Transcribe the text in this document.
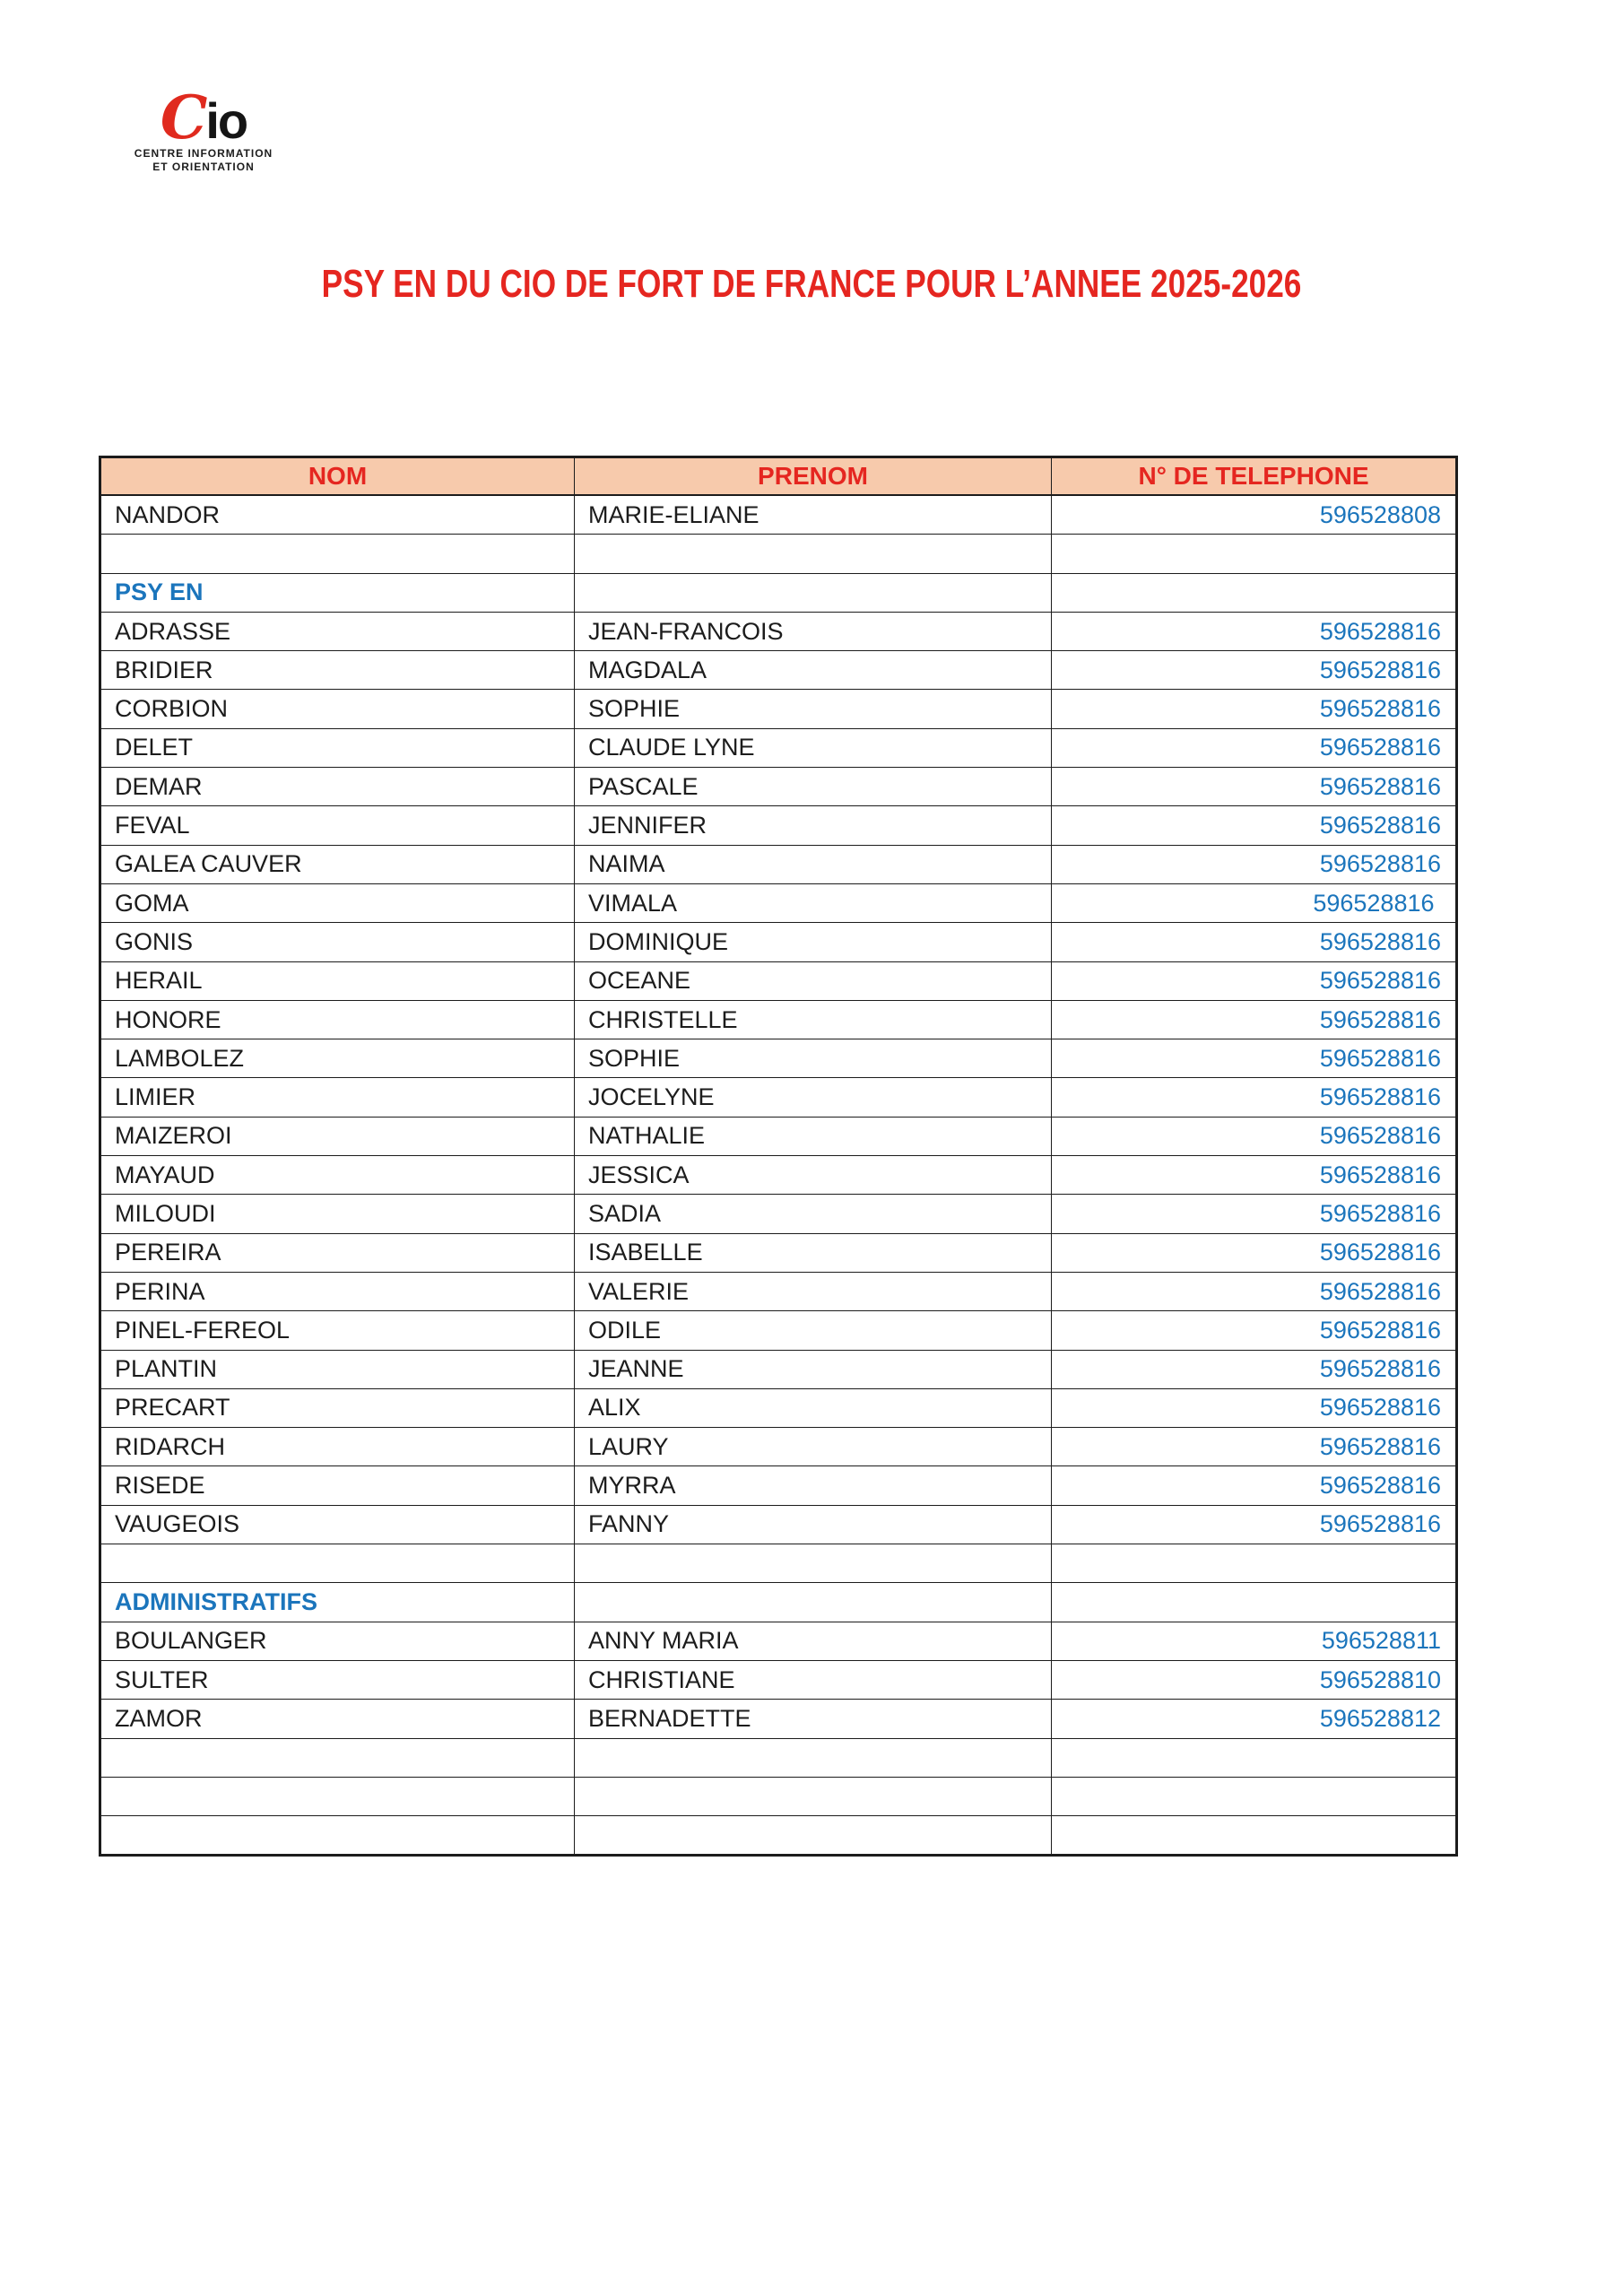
Cio
CENTRE INFORMATION
ET ORIENTATION
PSY EN DU CIO DE FORT DE FRANCE POUR L’ANNEE 2025-2026
NOM	PRENOM	N° DE TELEPHONE
NANDOR	MARIE-ELIANE	596528808

PSY EN		
ADRASSE	JEAN-FRANCOIS	596528816
BRIDIER	MAGDALA	596528816
CORBION	SOPHIE	596528816
DELET	CLAUDE LYNE	596528816
DEMAR	PASCALE	596528816
FEVAL	JENNIFER	596528816
GALEA CAUVER	NAIMA	596528816
GOMA	VIMALA	596528816
GONIS	DOMINIQUE	596528816
HERAIL	OCEANE	596528816
HONORE	CHRISTELLE	596528816
LAMBOLEZ	SOPHIE	596528816
LIMIER	JOCELYNE	596528816
MAIZEROI	NATHALIE	596528816
MAYAUD	JESSICA	596528816
MILOUDI	SADIA	596528816
PEREIRA	ISABELLE	596528816
PERINA	VALERIE	596528816
PINEL-FEREOL	ODILE	596528816
PLANTIN	JEANNE	596528816
PRECART	ALIX	596528816
RIDARCH	LAURY	596528816
RISEDE	MYRRA	596528816
VAUGEOIS	FANNY	596528816

ADMINISTRATIFS		
BOULANGER	ANNY MARIA	596528811
SULTER	CHRISTIANE	596528810
ZAMOR	BERNADETTE	596528812
